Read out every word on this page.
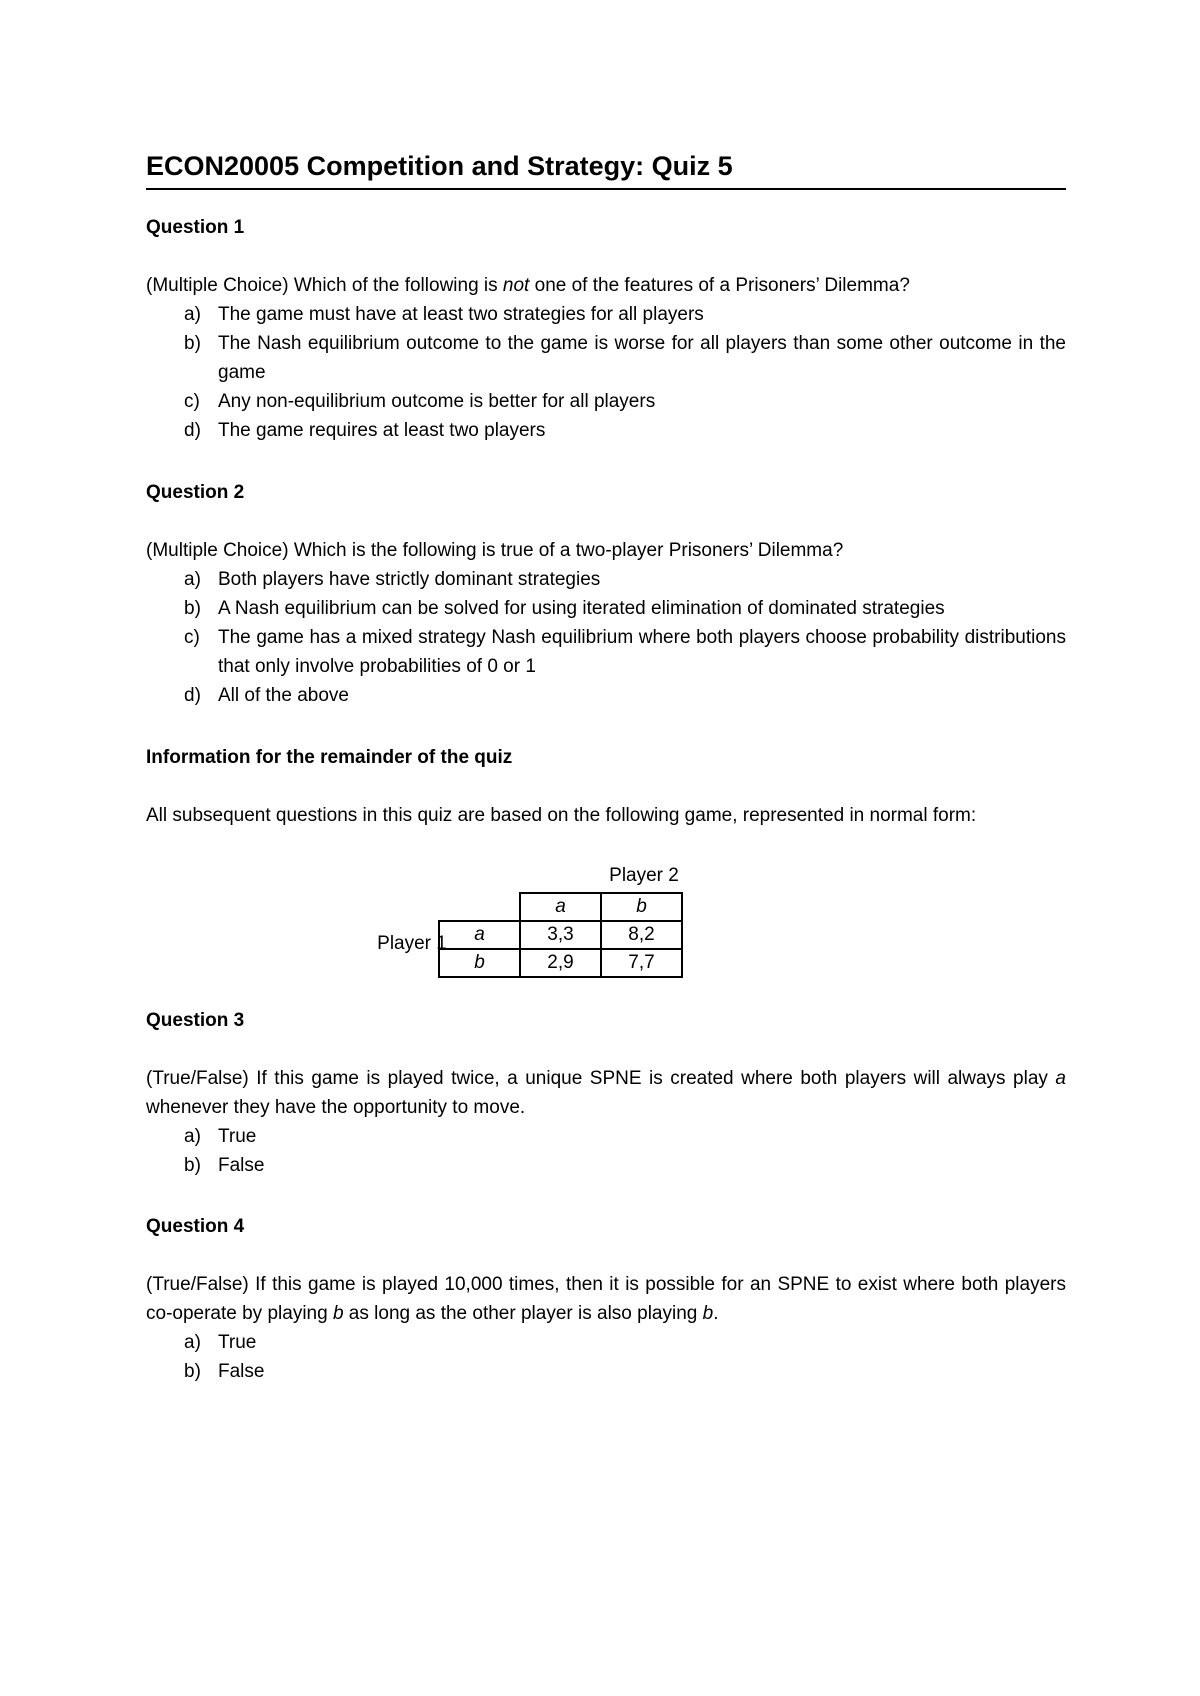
ECON20005 Competition and Strategy: Quiz 5
Question 1
(Multiple Choice) Which of the following is not one of the features of a Prisoners’ Dilemma?
a) The game must have at least two strategies for all players
b) The Nash equilibrium outcome to the game is worse for all players than some other outcome in the game
c) Any non-equilibrium outcome is better for all players
d) The game requires at least two players
Question 2
(Multiple Choice) Which is the following is true of a two-player Prisoners’ Dilemma?
a) Both players have strictly dominant strategies
b) A Nash equilibrium can be solved for using iterated elimination of dominated strategies
c) The game has a mixed strategy Nash equilibrium where both players choose probability distributions that only involve probabilities of 0 or 1
d) All of the above
Information for the remainder of the quiz
All subsequent questions in this quiz are based on the following game, represented in normal form:
Player 2
Player 1
	a	b
a	3,3	8,2
b	2,9	7,7
Question 3
(True/False) If this game is played twice, a unique SPNE is created where both players will always play a whenever they have the opportunity to move.
a) True
b) False
Question 4
(True/False) If this game is played 10,000 times, then it is possible for an SPNE to exist where both players co-operate by playing b as long as the other player is also playing b.
a) True
b) False
